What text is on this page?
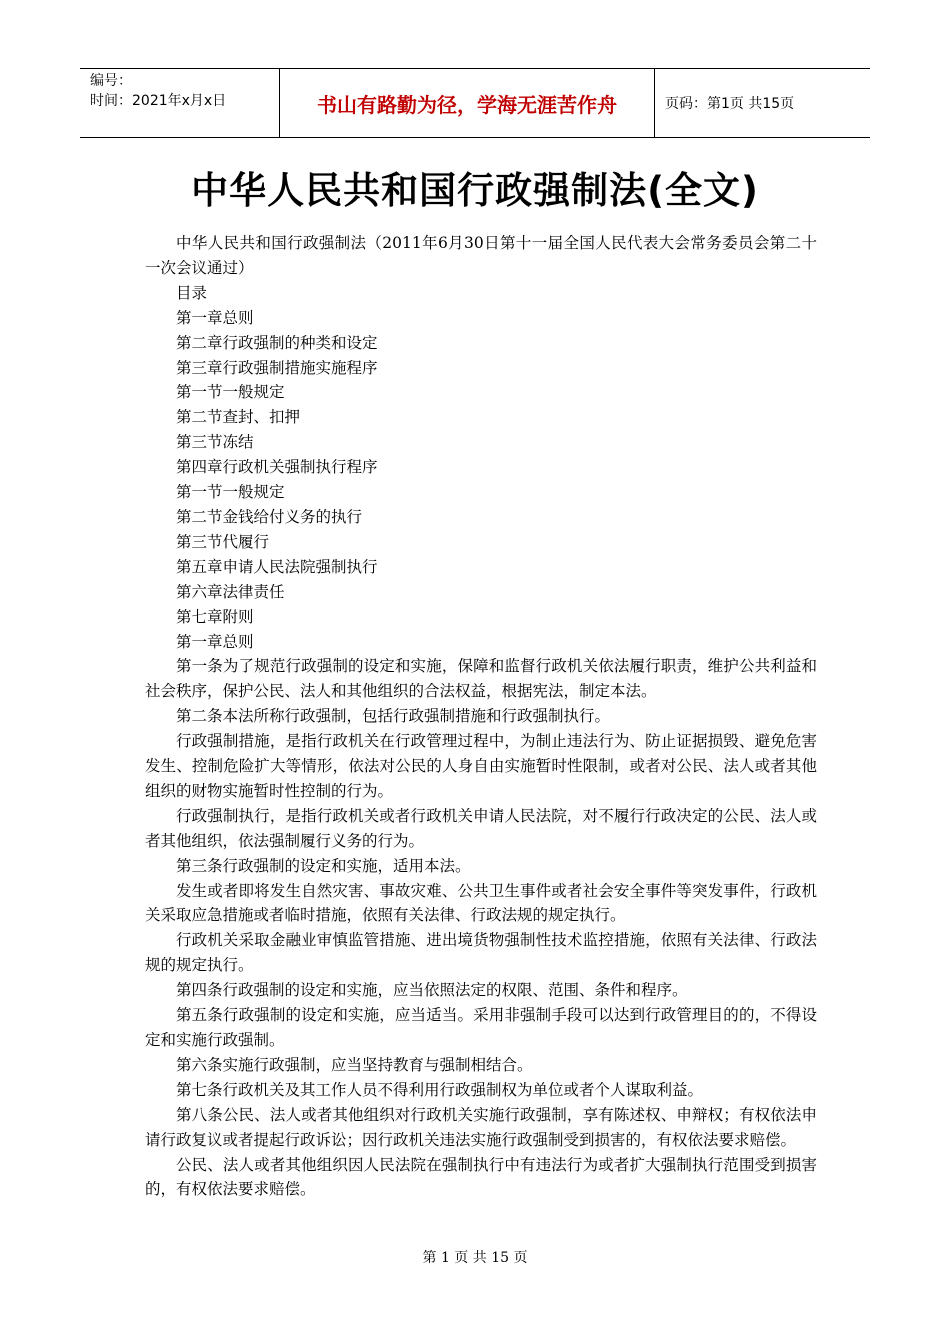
编号：
时间：2021年x月x日	书山有路勤为径，学海无涯苦作舟	页码：第1页 共15页
中华人民共和国行政强制法(全文)

中华人民共和国行政强制法（2011年6月30日第十一届全国人民代表大会常务委员会第二十一次会议通过）

目录

第一章总则

第二章行政强制的种类和设定

第三章行政强制措施实施程序

第一节一般规定

第二节查封、扣押

第三节冻结

第四章行政机关强制执行程序

第一节一般规定

第二节金钱给付义务的执行

第三节代履行

第五章申请人民法院强制执行

第六章法律责任

第七章附则

第一章总则

第一条为了规范行政强制的设定和实施，保障和监督行政机关依法履行职责，维护公共利益和社会秩序，保护公民、法人和其他组织的合法权益，根据宪法，制定本法。

第二条本法所称行政强制，包括行政强制措施和行政强制执行。

行政强制措施，是指行政机关在行政管理过程中，为制止违法行为、防止证据损毁、避免危害发生、控制危险扩大等情形，依法对公民的人身自由实施暂时性限制，或者对公民、法人或者其他组织的财物实施暂时性控制的行为。

行政强制执行，是指行政机关或者行政机关申请人民法院，对不履行行政决定的公民、法人或者其他组织，依法强制履行义务的行为。

第三条行政强制的设定和实施，适用本法。

发生或者即将发生自然灾害、事故灾难、公共卫生事件或者社会安全事件等突发事件，行政机关采取应急措施或者临时措施，依照有关法律、行政法规的规定执行。

行政机关采取金融业审慎监管措施、进出境货物强制性技术监控措施，依照有关法律、行政法规的规定执行。

第四条行政强制的设定和实施，应当依照法定的权限、范围、条件和程序。

第五条行政强制的设定和实施，应当适当。采用非强制手段可以达到行政管理目的的，不得设定和实施行政强制。

第六条实施行政强制，应当坚持教育与强制相结合。

第七条行政机关及其工作人员不得利用行政强制权为单位或者个人谋取利益。

第八条公民、法人或者其他组织对行政机关实施行政强制，享有陈述权、申辩权；有权依法申请行政复议或者提起行政诉讼；因行政机关违法实施行政强制受到损害的，有权依法要求赔偿。

公民、法人或者其他组织因人民法院在强制执行中有违法行为或者扩大强制执行范围受到损害的，有权依法要求赔偿。

第 1 页 共 15 页
